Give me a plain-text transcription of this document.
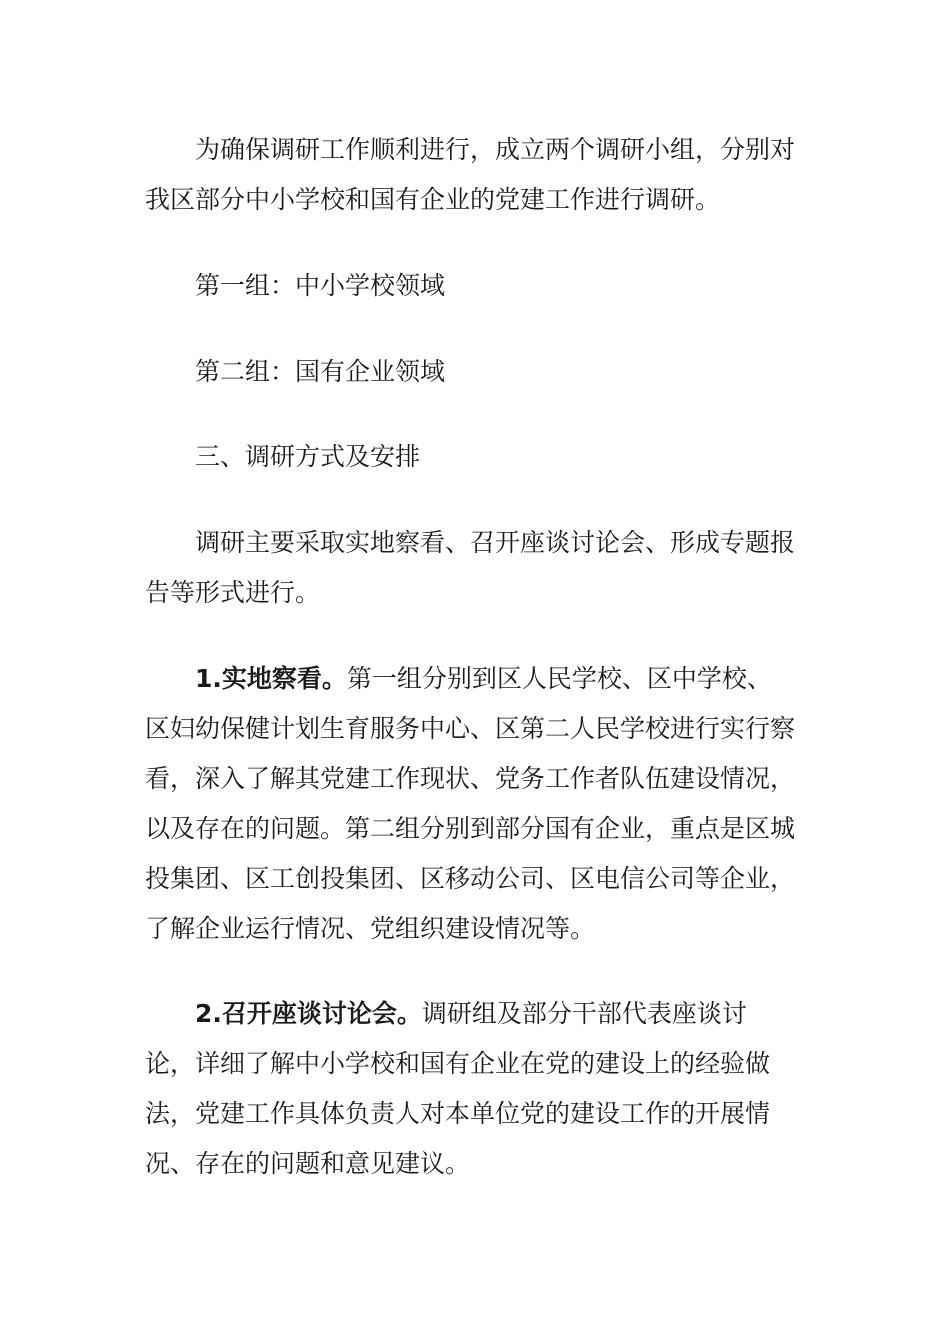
为确保调研工作顺利进行，成立两个调研小组，分别对我区部分中小学校和国有企业的党建工作进行调研。

第一组：中小学校领域

第二组：国有企业领域

三、调研方式及安排

调研主要采取实地察看、召开座谈讨论会、形成专题报告等形式进行。

1.实地察看。第一组分别到区人民学校、区中学校、区妇幼保健计划生育服务中心、区第二人民学校进行实行察看，深入了解其党建工作现状、党务工作者队伍建设情况，以及存在的问题。第二组分别到部分国有企业，重点是区城投集团、区工创投集团、区移动公司、区电信公司等企业，了解企业运行情况、党组织建设情况等。

2.召开座谈讨论会。调研组及部分干部代表座谈讨论，详细了解中小学校和国有企业在党的建设上的经验做法，党建工作具体负责人对本单位党的建设工作的开展情况、存在的问题和意见建议。
